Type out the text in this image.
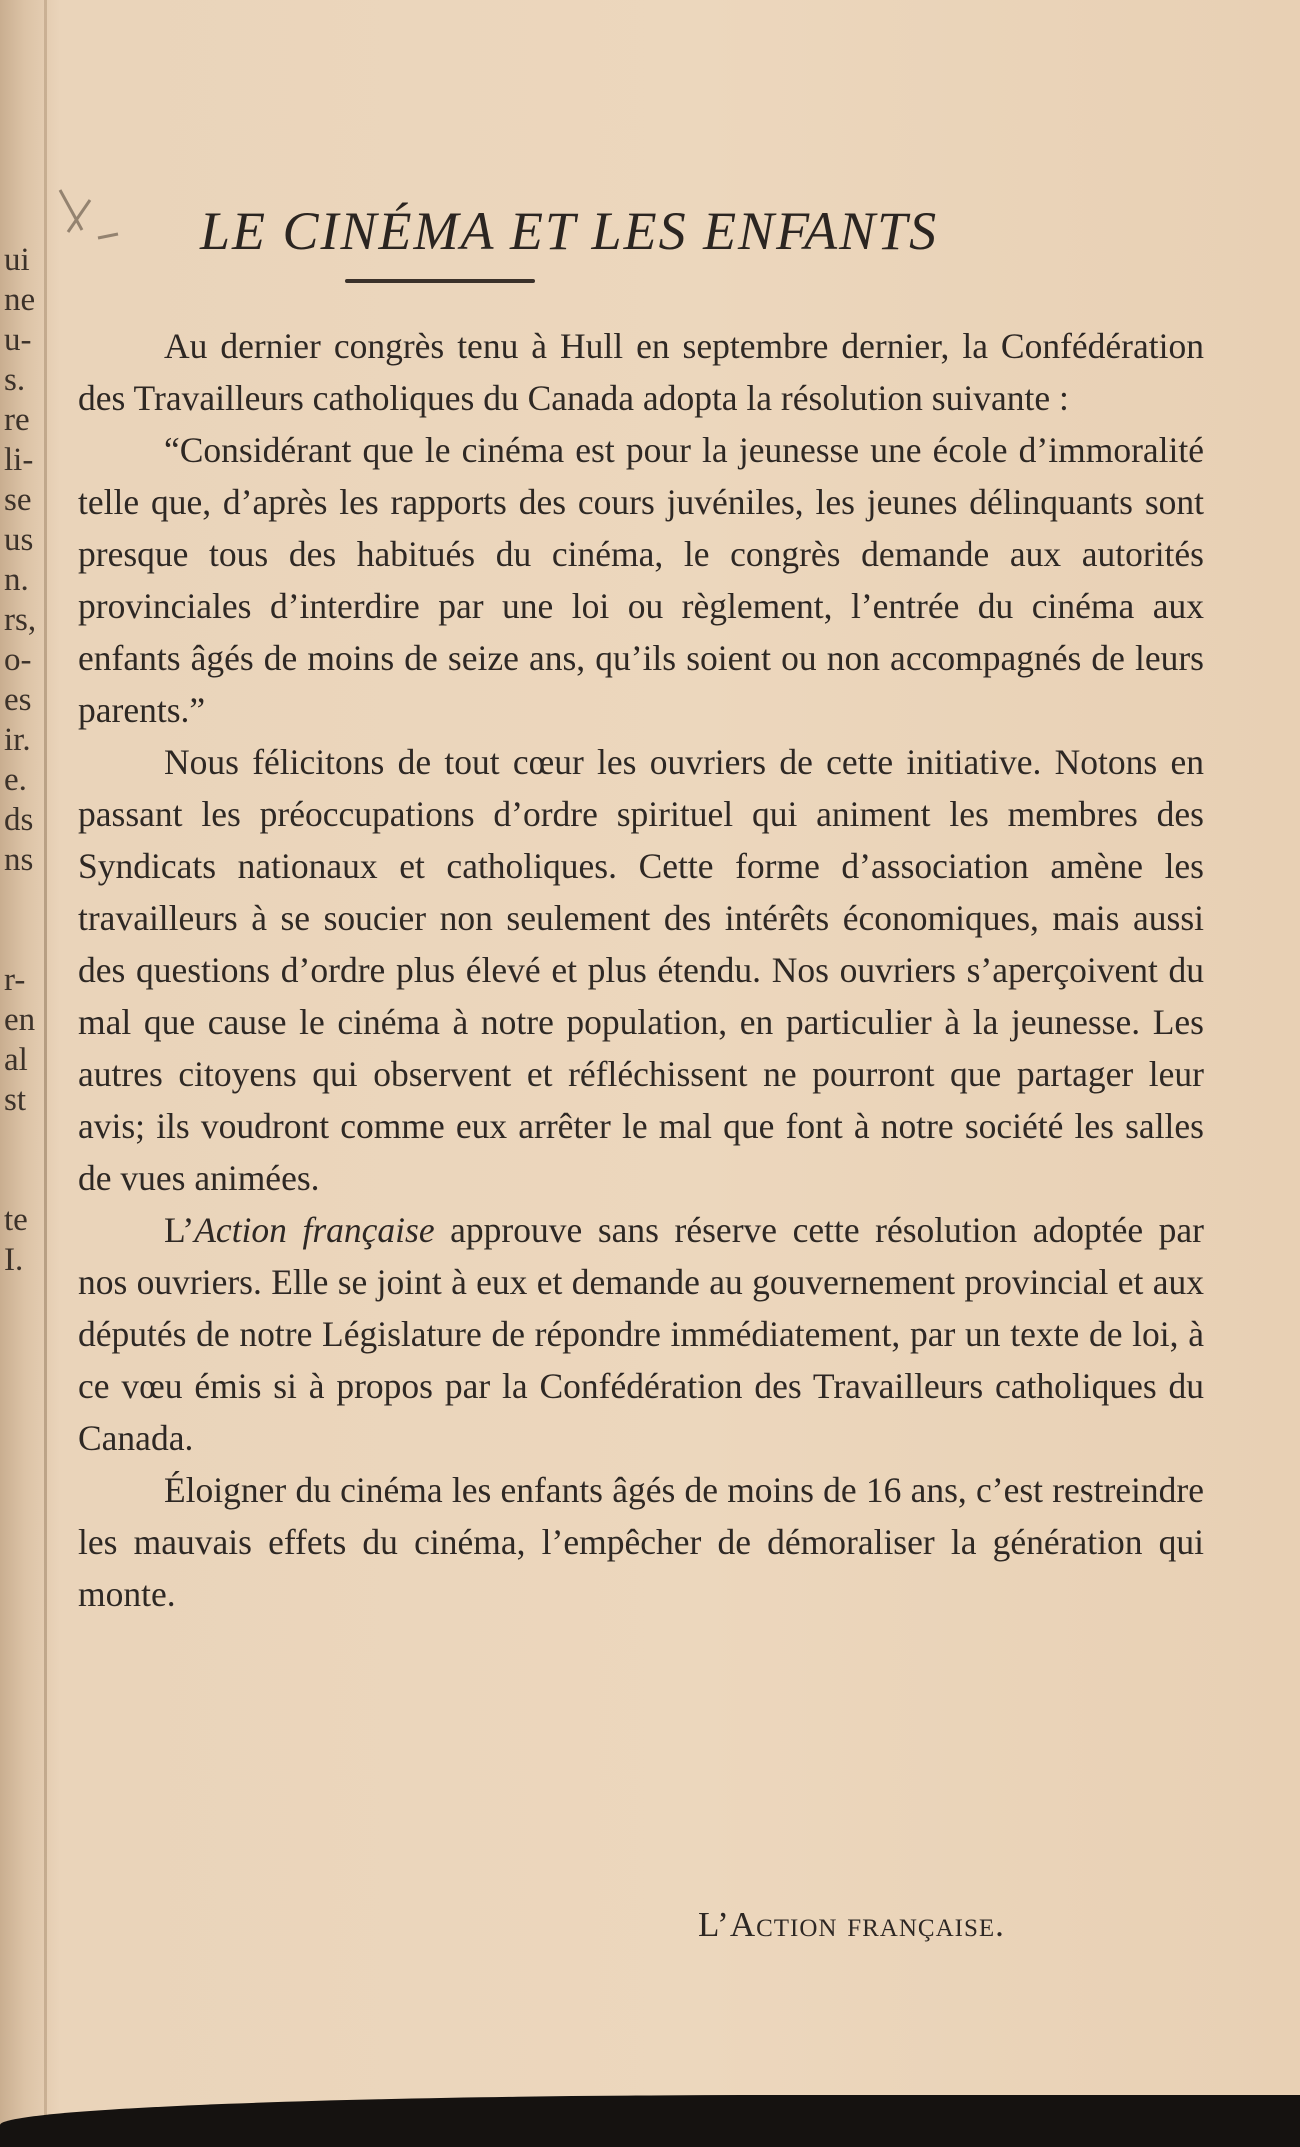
ui
ne
u-
s.
re
li-
se
us
n.
rs,
o-
es
ir.
e.
ds
ns
r-
en
al
st
te
I.
LE CINÉMA ET LES ENFANTS

Au dernier congrès tenu à Hull en septembre dernier, la Confédération des Travailleurs catholiques du Canada adopta la résolution suivante :

“Considérant que le cinéma est pour la jeunesse une école d’immoralité telle que, d’après les rapports des cours juvéniles, les jeunes délinquants sont presque tous des habitués du cinéma, le congrès demande aux autorités provinciales d’interdire par une loi ou règlement, l’entrée du cinéma aux enfants âgés de moins de seize ans, qu’ils soient ou non accompagnés de leurs parents.”

Nous félicitons de tout cœur les ouvriers de cette initiative. Notons en passant les préoccupations d’ordre spirituel qui animent les membres des Syndicats nationaux et catholiques. Cette forme d’association amène les travailleurs à se soucier non seulement des intérêts économiques, mais aussi des questions d’ordre plus élevé et plus étendu. Nos ouvriers s’aperçoivent du mal que cause le cinéma à notre population, en particulier à la jeunesse. Les autres citoyens qui observent et réfléchissent ne pourront que partager leur avis; ils voudront comme eux arrêter le mal que font à notre société les salles de vues animées.

L’Action française approuve sans réserve cette résolution adoptée par nos ouvriers. Elle se joint à eux et demande au gouvernement provincial et aux députés de notre Législature de répondre immédiatement, par un texte de loi, à ce vœu émis si à propos par la Confédération des Travailleurs catholiques du Canada.

Éloigner du cinéma les enfants âgés de moins de 16 ans, c’est restreindre les mauvais effets du cinéma, l’empêcher de démoraliser la génération qui monte.

L’Action française.
